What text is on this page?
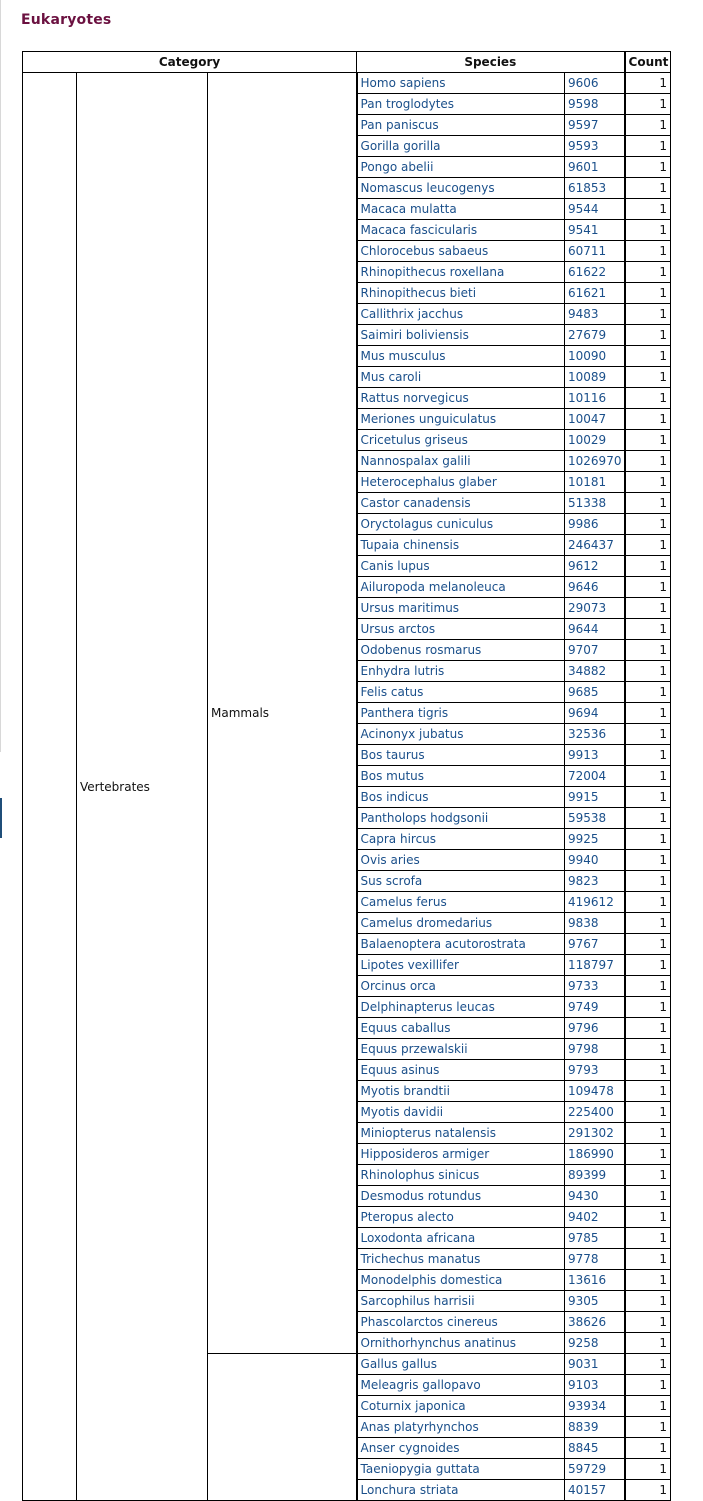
Eukaryotes
Category			Species		Count
	Vertebrates	Mammals	Homo sapiens	9606	1
			Pan troglodytes	9598	1
			Pan paniscus	9597	1
			Gorilla gorilla	9593	1
			Pongo abelii	9601	1
			Nomascus leucogenys	61853	1
			Macaca mulatta	9544	1
			Macaca fascicularis	9541	1
			Chlorocebus sabaeus	60711	1
			Rhinopithecus roxellana	61622	1
			Rhinopithecus bieti	61621	1
			Callithrix jacchus	9483	1
			Saimiri boliviensis	27679	1
			Mus musculus	10090	1
			Mus caroli	10089	1
			Rattus norvegicus	10116	1
			Meriones unguiculatus	10047	1
			Cricetulus griseus	10029	1
			Nannospalax galili	1026970	1
			Heterocephalus glaber	10181	1
			Castor canadensis	51338	1
			Oryctolagus cuniculus	9986	1
			Tupaia chinensis	246437	1
			Canis lupus	9612	1
			Ailuropoda melanoleuca	9646	1
			Ursus maritimus	29073	1
			Ursus arctos	9644	1
			Odobenus rosmarus	9707	1
			Enhydra lutris	34882	1
			Felis catus	9685	1
			Panthera tigris	9694	1
			Acinonyx jubatus	32536	1
			Bos taurus	9913	1
			Bos mutus	72004	1
			Bos indicus	9915	1
			Pantholops hodgsonii	59538	1
			Capra hircus	9925	1
			Ovis aries	9940	1
			Sus scrofa	9823	1
			Camelus ferus	419612	1
			Camelus dromedarius	9838	1
			Balaenoptera acutorostrata	9767	1
			Lipotes vexillifer	118797	1
			Orcinus orca	9733	1
			Delphinapterus leucas	9749	1
			Equus caballus	9796	1
			Equus przewalskii	9798	1
			Equus asinus	9793	1
			Myotis brandtii	109478	1
			Myotis davidii	225400	1
			Miniopterus natalensis	291302	1
			Hipposideros armiger	186990	1
			Rhinolophus sinicus	89399	1
			Desmodus rotundus	9430	1
			Pteropus alecto	9402	1
			Loxodonta africana	9785	1
			Trichechus manatus	9778	1
			Monodelphis domestica	13616	1
			Sarcophilus harrisii	9305	1
			Phascolarctos cinereus	38626	1
			Ornithorhynchus anatinus	9258	1
			Gallus gallus	9031	1
			Meleagris gallopavo	9103	1
			Coturnix japonica	93934	1
			Anas platyrhynchos	8839	1
			Anser cygnoides	8845	1
			Taeniopygia guttata	59729	1
			Lonchura striata	40157	1
